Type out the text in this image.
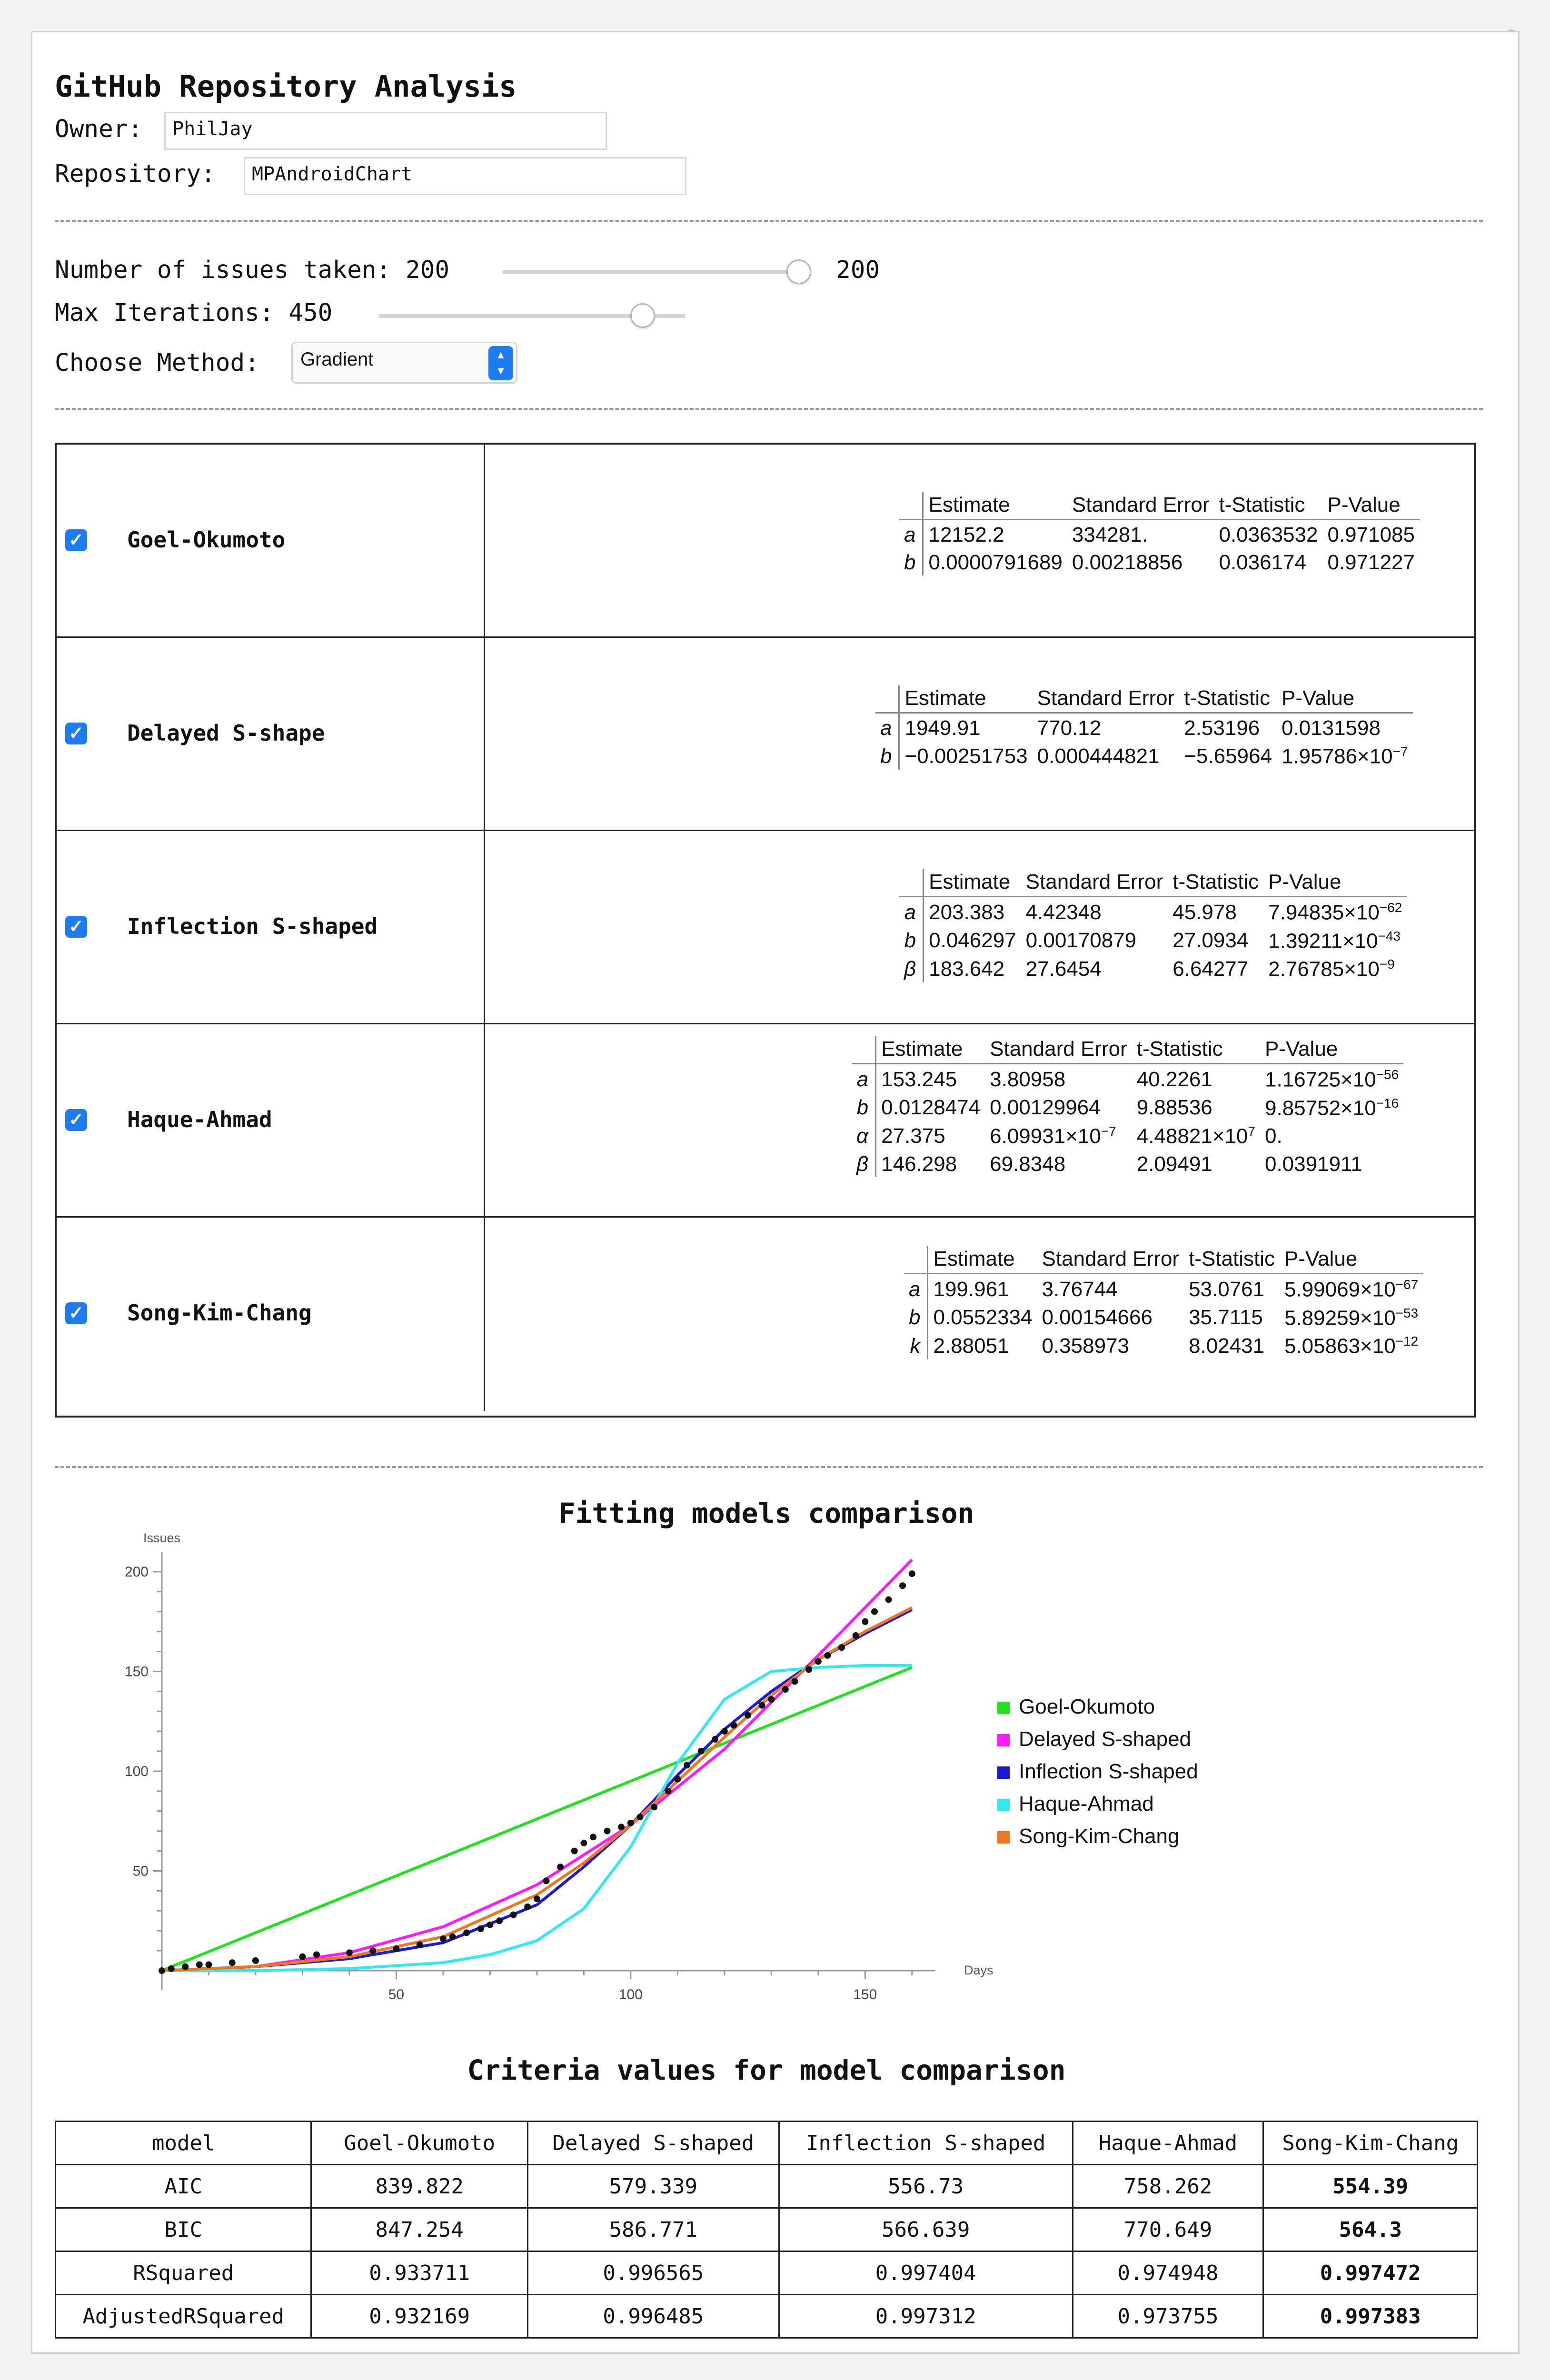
GitHub Repository Analysis
Owner:	PhilJay
Repository:	MPAndroidChart
Number of issues taken: 200	200
Max Iterations: 450
Choose Method:	Gradient	▴
▾
✓ Goel-Okumoto
	Estimate	Standard Error	t-Statistic	P-Value
a	12152.2	334281.	0.0363532	0.971085
b	0.0000791689	0.00218856	0.036174	0.971227
✓ Delayed S-shape
	Estimate	Standard Error	t-Statistic	P-Value
a	1949.91	770.12	2.53196	0.0131598
b	−0.00251753	0.000444821	−5.65964	$1.95786\times 10^{-7}$
✓ Inflection S-shaped
	Estimate	Standard Error	t-Statistic	P-Value
a	203.383	4.42348	45.978	$7.94835\times 10^{-62}$
b	0.046297	0.00170879	27.0934	$1.39211\times 10^{-43}$
β	183.642	27.6454	6.64277	$2.76785\times 10^{-9}$
✓ Haque-Ahmad
	Estimate	Standard Error	t-Statistic	P-Value
a	153.245	3.80958	40.2261	$1.16725\times 10^{-56}$
b	0.0128474	0.00129964	9.88536	$9.85752\times 10^{-16}$
α	27.375	$6.09931\times 10^{-7}$	$4.48821\times 10^7$	0.
β	146.298	69.8348	2.09491	0.0391911
✓ Song-Kim-Chang
	Estimate	Standard Error	t-Statistic	P-Value
a	199.961	3.76744	53.0761	$5.99069\times 10^{-67}$
b	0.0552334	0.00154666	35.7115	$5.89259\times 10^{-53}$
k	2.88051	0.358973	8.02431	$5.05863\times 10^{-12}$
Fitting models comparison
50	100	150
50
100
150
200
Issues
Days
Goel-Okumoto
Delayed S-shaped
Inflection S-shaped
Haque-Ahmad
Song-Kim-Chang
Criteria values for model comparison
model	Goel-Okumoto	Delayed S-shaped	Inflection S-shaped	Haque-Ahmad	Song-Kim-Chang
AIC	839.822	579.339	556.73	758.262	554.39
BIC	847.254	586.771	566.639	770.649	564.3
RSquared	0.933711	0.996565	0.997404	0.974948	0.997472
AdjustedRSquared	0.932169	0.996485	0.997312	0.973755	0.997383
